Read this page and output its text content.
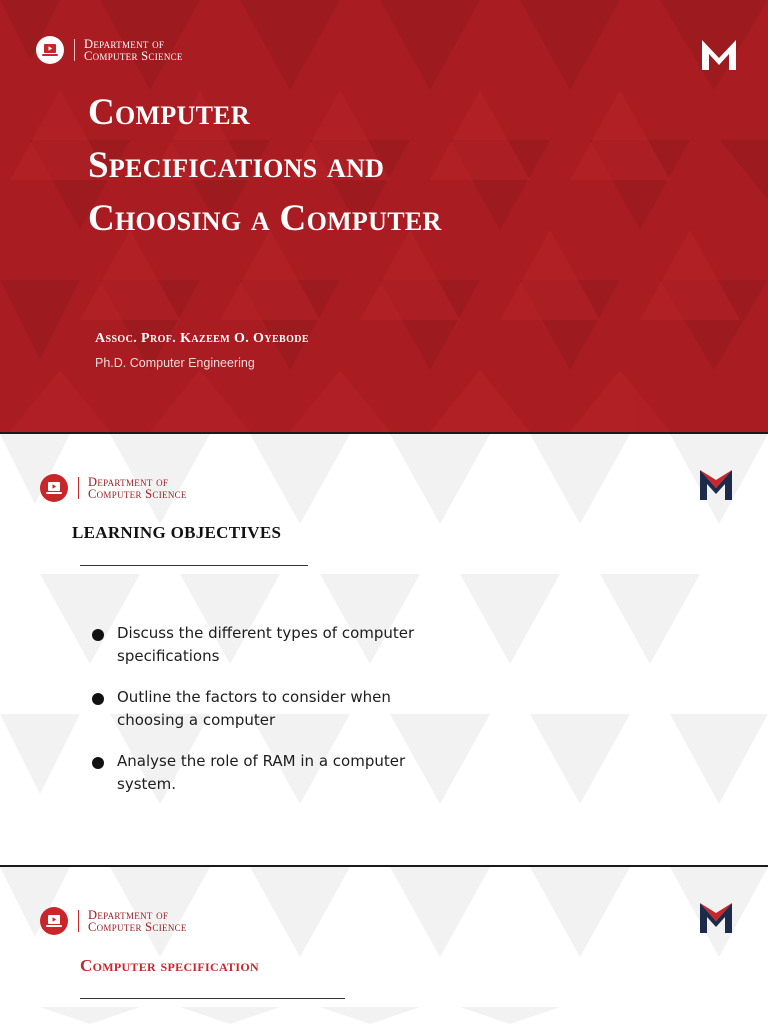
Department of
Computer Science
Computer
Specifications and
Choosing a Computer
Assoc. Prof. Kazeem O. Oyebode
Ph.D. Computer Engineering
Department of
Computer Science
LEARNING OBJECTIVES
Discuss the different types of computer specifications
Outline the factors to consider when choosing a computer
Analyse the role of RAM in a computer system.
Department of
Computer Science
Computer specification
